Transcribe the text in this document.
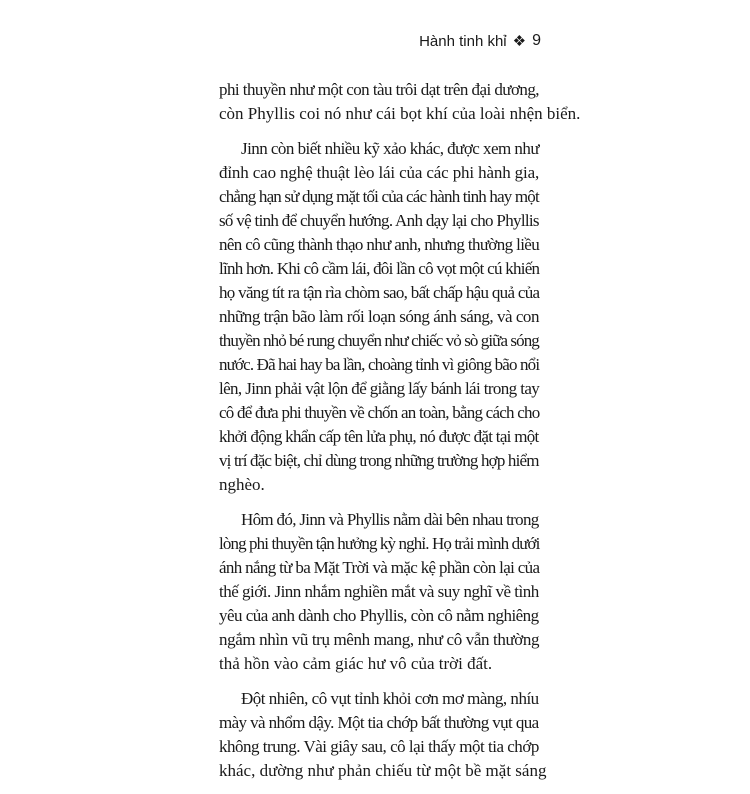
Hành tinh khỉ ❖ 9

phi thuyền như một con tàu trôi dạt trên đại dương,
còn Phyllis coi nó như cái bọt khí của loài nhện biển.

Jinn còn biết nhiều kỹ xảo khác, được xem như
đỉnh cao nghệ thuật lèo lái của các phi hành gia,
chẳng hạn sử dụng mặt tối của các hành tinh hay một
số vệ tinh để chuyển hướng. Anh dạy lại cho Phyllis
nên cô cũng thành thạo như anh, nhưng thường liều
lĩnh hơn. Khi cô cầm lái, đôi lần cô vọt một cú khiến
họ văng tít ra tận rìa chòm sao, bất chấp hậu quả của
những trận bão làm rối loạn sóng ánh sáng, và con
thuyền nhỏ bé rung chuyển như chiếc vỏ sò giữa sóng
nước. Đã hai hay ba lần, choàng tỉnh vì giông bão nổi
lên, Jinn phải vật lộn để giằng lấy bánh lái trong tay
cô để đưa phi thuyền về chốn an toàn, bằng cách cho
khởi động khẩn cấp tên lửa phụ, nó được đặt tại một
vị trí đặc biệt, chỉ dùng trong những trường hợp hiểm
nghèo.

Hôm đó, Jinn và Phyllis nằm dài bên nhau trong
lòng phi thuyền tận hưởng kỳ nghỉ. Họ trải mình dưới
ánh nắng từ ba Mặt Trời và mặc kệ phần còn lại của
thế giới. Jinn nhắm nghiền mắt và suy nghĩ về tình
yêu của anh dành cho Phyllis, còn cô nằm nghiêng
ngắm nhìn vũ trụ mênh mang, như cô vẫn thường
thả hồn vào cảm giác hư vô của trời đất.

Đột nhiên, cô vụt tỉnh khỏi cơn mơ màng, nhíu
mày và nhổm dậy. Một tia chớp bất thường vụt qua
không trung. Vài giây sau, cô lại thấy một tia chớp
khác, dường như phản chiếu từ một bề mặt sáng
